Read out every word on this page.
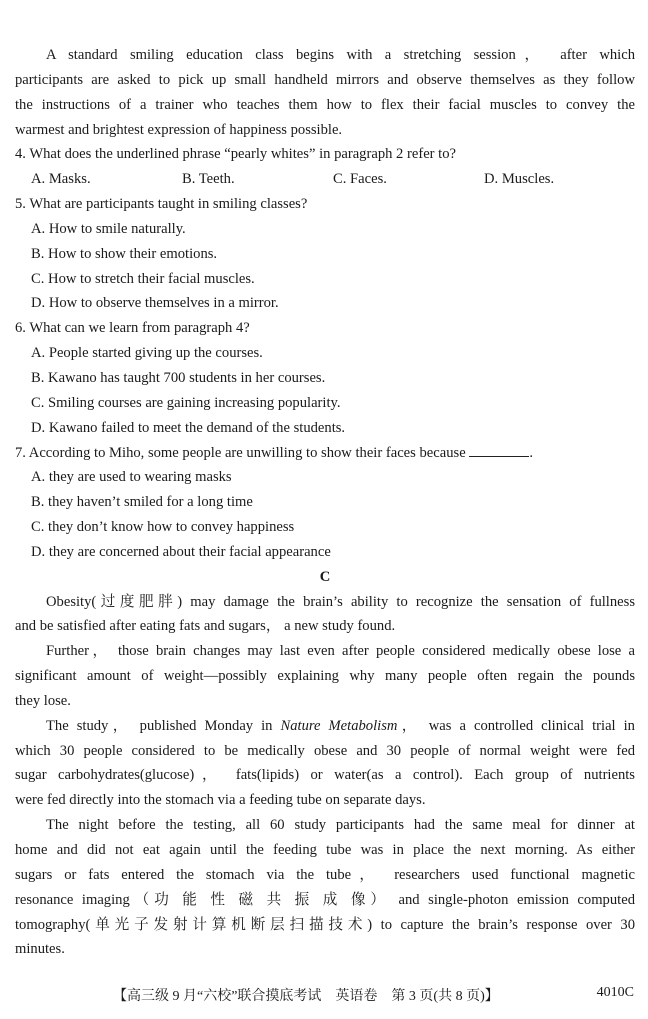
A standard smiling education class begins with a stretching session， after which
participants are asked to pick up small handheld mirrors and observe themselves as they follow
the instructions of a trainer who teaches them how to flex their facial muscles to convey the
warmest and brightest expression of happiness possible.
4. What does the underlined phrase “pearly whites” in paragraph 2 refer to?
A. Masks.	B. Teeth.	C. Faces.	D. Muscles.
5. What are participants taught in smiling classes?
A. How to smile naturally.
B. How to show their emotions.
C. How to stretch their facial muscles.
D. How to observe themselves in a mirror.
6. What can we learn from paragraph 4?
A. People started giving up the courses.
B. Kawano has taught 700 students in her courses.
C. Smiling courses are gaining increasing popularity.
D. Kawano failed to meet the demand of the students.
7. According to Miho, some people are unwilling to show their faces because	.
A. they are used to wearing masks
B. they haven’t smiled for a long time
C. they don’t know how to convey happiness
D. they are concerned about their facial appearance
C
Obesity(过度肥胖) may damage the brain’s ability to recognize the sensation of fullness
and be satisfied after eating fats and sugars， a new study found.
Further， those brain changes may last even after people considered medically obese lose a
significant amount of weight—possibly explaining why many people often regain the pounds
they lose.
The study， published Monday in Nature Metabolism， was a controlled clinical trial in
which 30 people considered to be medically obese and 30 people of normal weight were fed
sugar carbohydrates(glucose)， fats(lipids) or water(as a control). Each group of nutrients
were fed directly into the stomach via a feeding tube on separate days.
The night before the testing, all 60 study participants had the same meal for dinner at
home and did not eat again until the feeding tube was in place the next morning. As either
sugars or fats entered the stomach via the tube， researchers used functional magnetic
resonance imaging（功 能 性 磁 共 振 成 像） and single-photon emission computed
tomography(单光子发射计算机断层扫描技术) to capture the brain’s response over 30
minutes.
【高三级 9 月“六校”联合摸底考试　英语卷　第 3 页(共 8 页)】	4010C
